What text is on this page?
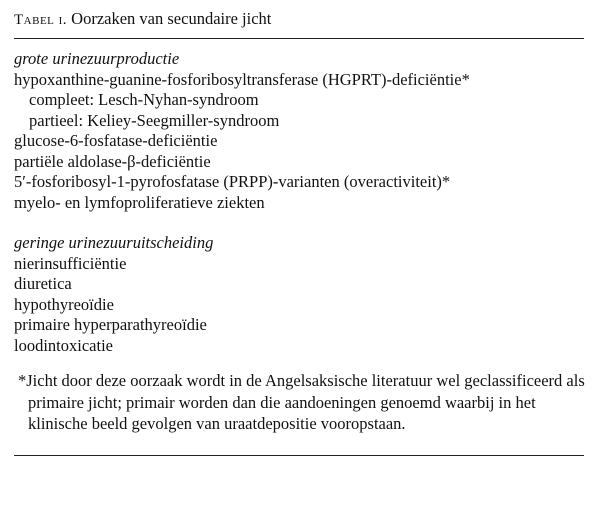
Tabel i. Oorzaken van secundaire jicht
grote urinezuurproductie
hypoxanthine-guanine-fosforibosyltransferase (HGPRT)-deficiëntie*
compleet: Lesch-Nyhan-syndroom
partieel: Keliey-Seegmiller-syndroom
glucose-6-fosfatase-deficiëntie
partiële aldolase-β-deficiëntie
5′-fosforibosyl-1-pyrofosfatase (PRPP)-varianten (overactiviteit)*
myelo- en lymfoproliferatieve ziekten
geringe urinezuuruitscheiding
nierinsufficiëntie
diuretica
hypothyreoïdie
primaire hyperparathyreoïdie
loodintoxicatie
*Jicht door deze oorzaak wordt in de Angelsaksische literatuur wel geclassificeerd als primaire jicht; primair worden dan die aandoeningen genoemd waarbij in het klinische beeld gevolgen van uraatdepositie vooropstaan.
